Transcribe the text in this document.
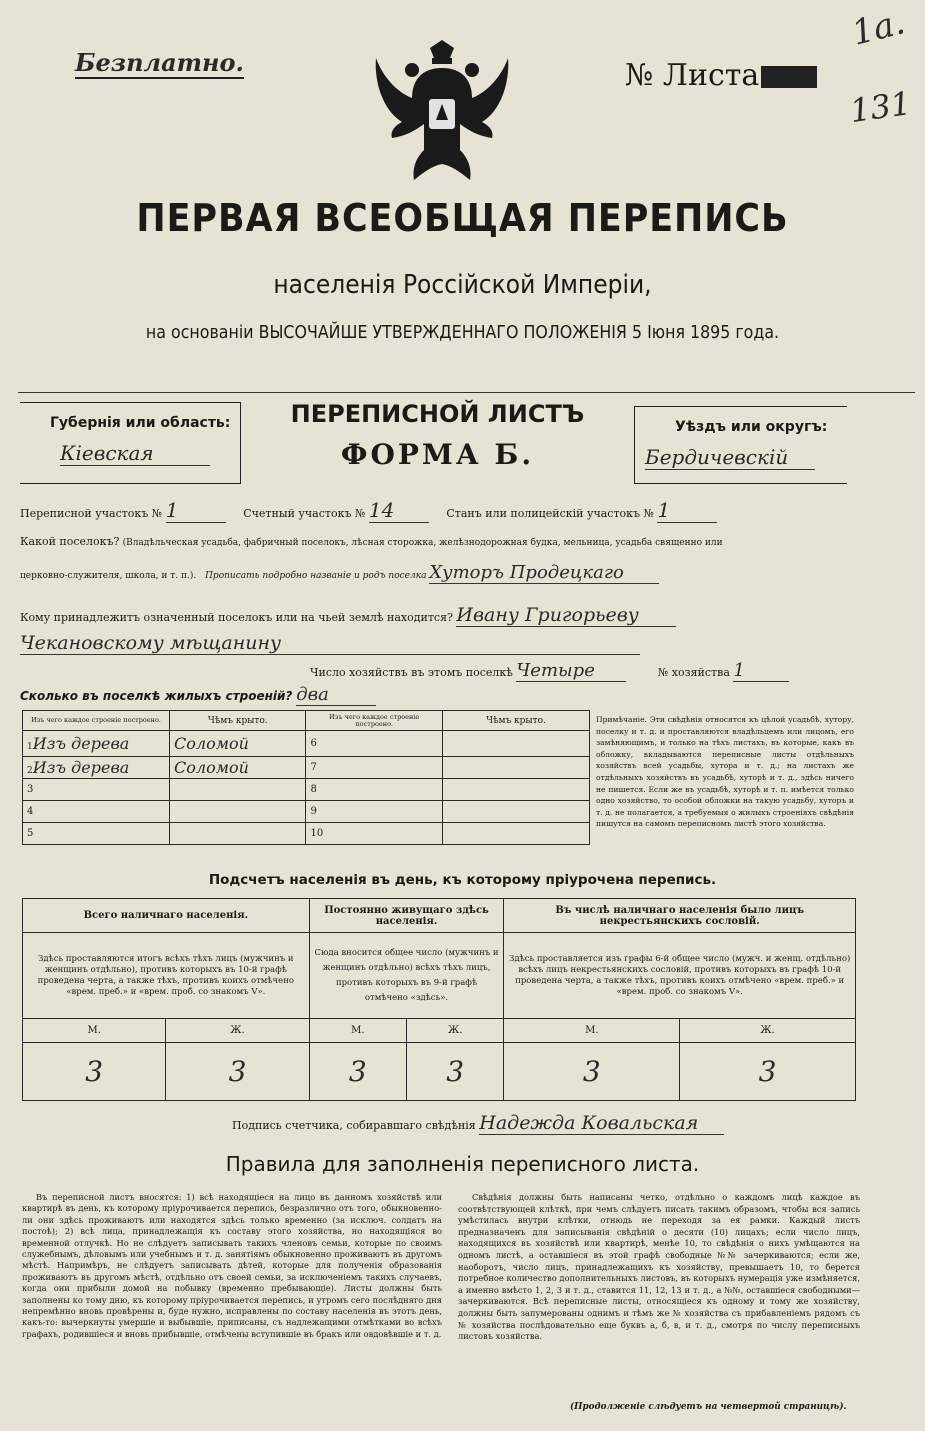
Безплатно.	№ Листа
1а.
131
ПЕРВАЯ ВСЕОБЩАЯ ПЕРЕПИСЬ
населенія Россійской Имперіи,
на основаніи ВЫСОЧАЙШЕ УТВЕРЖДЕННАГО ПОЛОЖЕНІЯ 5 Іюня 1895 года.
Губернія или область:
Кіевская
ПЕРЕПИСНОЙ ЛИСТЪ
ФОРМА Б.
Уѣздъ или округъ:
Бердичевскій
Переписной участокъ № 1	Счетный участокъ № 14	Станъ или полицейскій участокъ № 1
Какой поселокъ? (Владѣльческая усадьба, фабричный поселокъ, лѣсная сторожка, желѣзнодорожная будка, мельница, усадьба священно или
церковно-служителя, школа, и т. п.). Прописать подробно названіе и родъ поселка Хуторъ Продецкаго
Кому принадлежитъ означенный поселокъ или на чьей землѣ находится? Ивану Григорьеву
Чекановскому мѣщанину
Число хозяйствъ въ этомъ поселкѣ Четыре	№ хозяйства 1
Сколько въ поселкѣ жилыхъ строеній? два
Изъ чего каждое строеніе построено.	Чѣмъ крыто.	Изъ чего каждое строеніе построено.	Чѣмъ крыто.
1Изъ дерева	Соломой	6	
2Изъ дерева	Соломой	7	
3		8	
4		9	
5		10	
Примѣчаніе. Эти свѣдѣнія относятся къ цѣлой усадьбѣ, хутору, поселку и т. д. и проставляются владѣльцемъ или лицомъ, его замѣняющимъ, и только на тѣхъ листахъ, въ которые, какъ въ обложку, вкладываются переписные листы отдѣльныхъ хозяйствъ всей усадьбы, хутора и т. д.; на листахъ же отдѣльныхъ хозяйствъ въ усадьбѣ, хуторѣ и т. д., здѣсь ничего не пишется. Если же въ усадьбѣ, хуторѣ и т. п. имѣется только одно хозяйство, то особой обложки на такую усадьбу, хуторъ и т. д. не полагается, а требуемыя о жилыхъ строеніяхъ свѣдѣнія пишутся на самомъ переписномъ листѣ этого хозяйства.
Подсчетъ населенія въ день, къ которому пріурочена перепись.
Всего наличнаго населенія.		Постоянно живущаго здѣсь населенія.		Въ числѣ наличнаго населенія было лицъ некрестьянскихъ сословій.	
Здѣсь проставляются итогъ всѣхъ тѣхъ лицъ (мужчинъ и женщинъ отдѣльно), противъ которыхъ въ 10-й графѣ проведена черта, а также тѣхъ, противъ коихъ отмѣчено «врем. преб.» и «врем. проб. со знакомъ V».		Сюда вносится общее число (мужчинъ и женщинъ отдѣльно) всѣхъ тѣхъ лицъ, противъ которыхъ въ 9-й графѣ отмѣчено «здѣсь».		Здѣсь проставляется изъ графы 6-й общее число (мужч. и женщ. отдѣльно) всѣхъ лицъ некрестьянскихъ сословій, противъ которыхъ въ графѣ 10-й проведена черта, а также тѣхъ, противъ коихъ отмѣчено «врем. преб.» и «врем. проб. со знакомъ V».	
М.	Ж.	М.	Ж.	М.	Ж.
3	3	3	3	3	3
Подпись счетчика, собиравшаго свѣдѣнія Надежда Ковальская
Правила для заполненія переписного листа.
Въ переписной листъ вносятся: 1) всѣ находящіеся на лицо въ данномъ хозяйствѣ или квартирѣ въ день, къ которому пріурочивается перепись, безразлично отъ того, обыкновенно-ли они здѣсь проживаютъ или находятся здѣсь только временно (за исключ. солдатъ на постоѣ); 2) всѣ лица, принадлежащія къ составу этого хозяйства, но находящіяся во временной отлучкѣ. Но не слѣдуетъ записывать такихъ членовъ семьи, которые по своимъ служебнымъ, дѣловымъ или учебнымъ и т. д. занятіямъ обыкновенно проживаютъ въ другомъ мѣстѣ. Напримѣръ, не слѣдуетъ записывать дѣтей, которые для полученія образованія проживаютъ въ другомъ мѣстѣ, отдѣльно отъ своей семьи, за исключеніемъ такихъ случаевъ, когда они прибыли домой на побывку (временно пребывающіе). Листы должны быть заполнены ко тому дню, къ которому пріурочивается перепись, и утромъ сего послѣдняго дня непремѣнно вновь провѣрены и, буде нужно, исправлены по составу населенія въ этотъ день, какъ-то: вычеркнуты умершіе и выбывшіе, приписаны, съ надлежащими отмѣтками во всѣхъ графахъ, родившіеся и вновь прибывшіе, отмѣчены вступившіе въ бракъ или овдовѣвшіе и т. д.
Свѣдѣнія должны быть написаны четко, отдѣльно о каждомъ лицѣ каждое въ соотвѣтствующей клѣткѣ, при чемъ слѣдуетъ писать такимъ образомъ, чтобы вся запись умѣстилась внутри клѣтки, отнюдь не переходя за ея рамки. Каждый листъ предназначенъ для записыванія свѣдѣній о десяти (10) лицахъ; если число лицъ, находящихся въ хозяйствѣ или квартирѣ, менѣе 10, то свѣдѣнія о нихъ умѣщаются на одномъ листѣ, а оставшіеся въ этой графѣ свободные №№ зачеркиваются; если же, наоборотъ, число лицъ, принадлежащихъ къ хозяйству, превышаетъ 10, то берется потребное количество дополнительныхъ листовъ, въ которыхъ нумерація уже измѣняется, а именно вмѣсто 1, 2, 3 и т. д., ставится 11, 12, 13 и т. д., а №№, оставшіеся свободными—зачеркиваются. Всѣ переписные листы, относящіеся къ одному и тому же хозяйству, должны быть запумерованы однимъ и тѣмъ же № хозяйства съ прибавленіемъ рядомъ съ № хозяйства послѣдовательно еще буквъ а, б, в, и т. д., смотря по числу переписныхъ листовъ хозяйства.
(Продолженіе слѣдуетъ на четвертой страницѣ).
